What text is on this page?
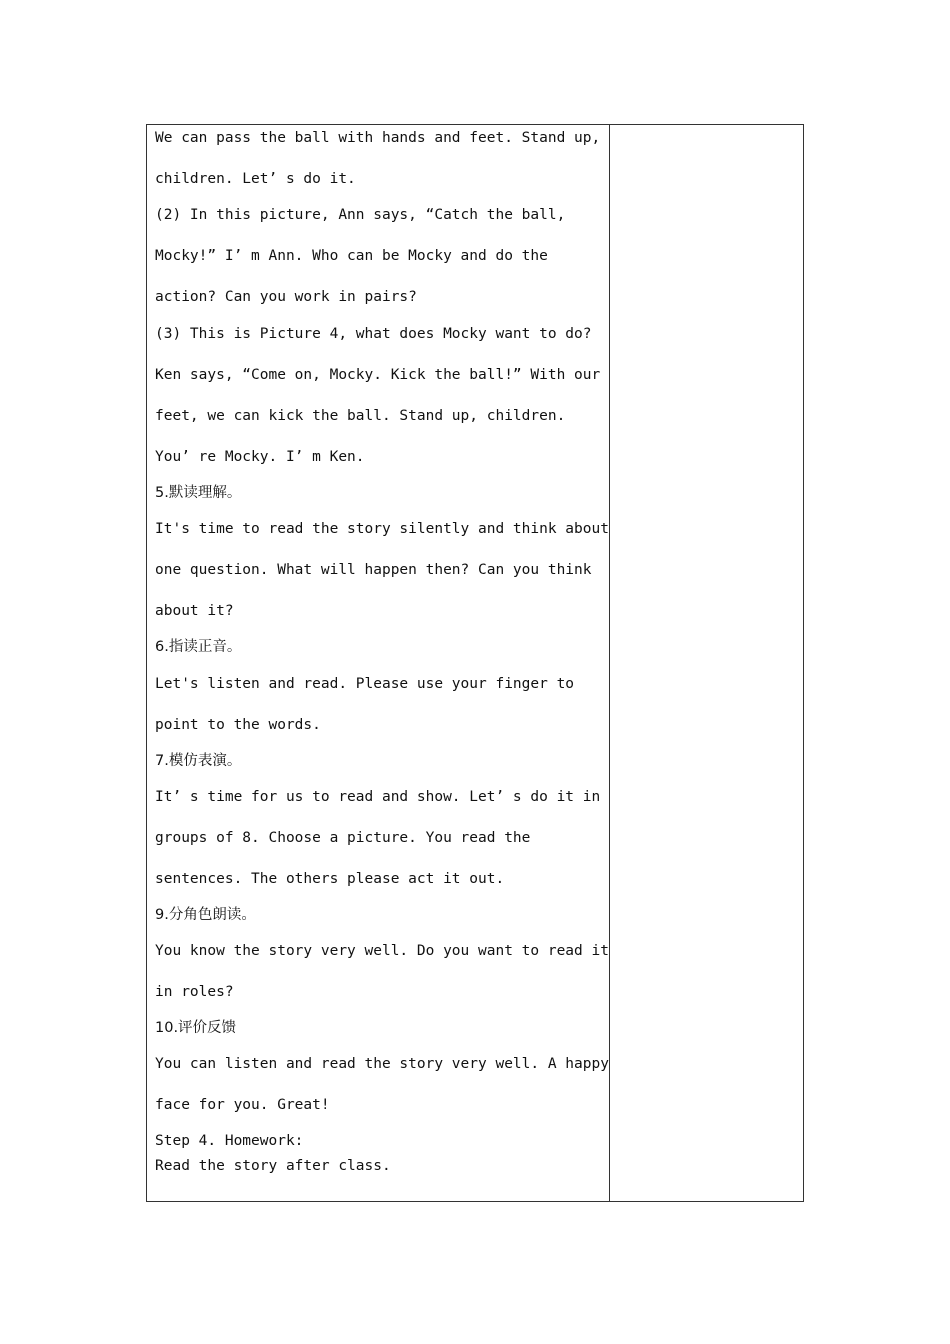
We can pass the ball with hands and feet. Stand up,
children. Let’ s do it.
(2) In this picture, Ann says, “Catch the ball,
Mocky!” I’ m Ann. Who can be Mocky and do the
action? Can you work in pairs?
(3) This is Picture 4, what does Mocky want to do?
Ken says, “Come on, Mocky. Kick the ball!” With our
feet, we can kick the ball. Stand up, children.
You’ re Mocky. I’ m Ken.
5.默读理解。
It's time to read the story silently and think about
one question. What will happen then? Can you think
about it?
6.指读正音。
Let's listen and read. Please use your finger to
point to the words.
7.模仿表演。
It’ s time for us to read and show. Let’ s do it in
groups of 8. Choose a picture. You read the
sentences. The others please act it out.
9.分角色朗读。
You know the story very well. Do you want to read it
in roles?
10.评价反馈
You can listen and read the story very well. A happy
face for you. Great!
Step 4. Homework:
Read the story after class.
